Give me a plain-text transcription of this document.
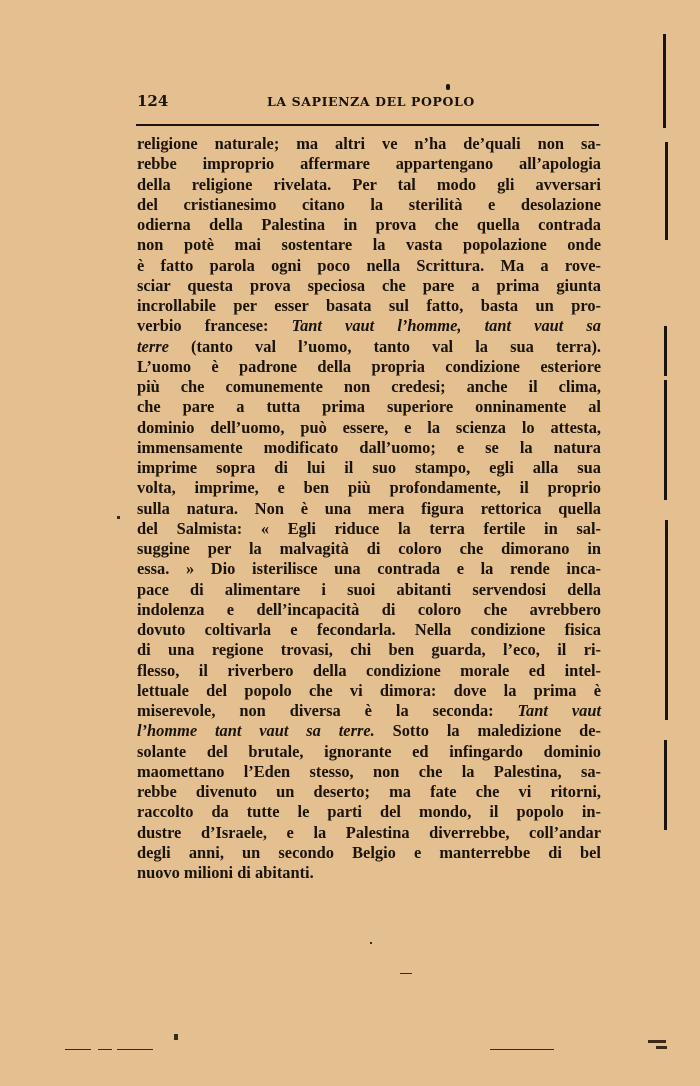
124	LA SAPIENZA DEL POPOLO
religione naturale; ma altri ve n’ha de’quali non sa-
rebbe improprio affermare appartengano all’apologia
della religione rivelata. Per tal modo gli avversari
del cristianesimo citano la sterilità e desolazione
odierna della Palestina in prova che quella contrada
non potè mai sostentare la vasta popolazione onde
è fatto parola ogni poco nella Scrittura. Ma a rove-
sciar questa prova speciosa che pare a prima giunta
incrollabile per esser basata sul fatto, basta un pro-
verbio francese: Tant vaut l’homme, tant vaut sa
terre (tanto val l’uomo, tanto val la sua terra).
L’uomo è padrone della propria condizione esteriore
più che comunemente non credesi; anche il clima,
che pare a tutta prima superiore onninamente al
dominio dell’uomo, può essere, e la scienza lo attesta,
immensamente modificato dall’uomo; e se la natura
imprime sopra di lui il suo stampo, egli alla sua
volta, imprime, e ben più profondamente, il proprio
sulla natura. Non è una mera figura rettorica quella
del Salmista: « Egli riduce la terra fertile in sal-
suggine per la malvagità di coloro che dimorano in
essa. » Dio isterilisce una contrada e la rende inca-
pace di alimentare i suoi abitanti servendosi della
indolenza e dell’incapacità di coloro che avrebbero
dovuto coltivarla e fecondarla. Nella condizione fisica
di una regione trovasi, chi ben guarda, l’eco, il ri-
flesso, il riverbero della condizione morale ed intel-
lettuale del popolo che vi dimora: dove la prima è
miserevole, non diversa è la seconda: Tant vaut
l’homme tant vaut sa terre. Sotto la maledizione de-
solante del brutale, ignorante ed infingardo dominio
maomettano l’Eden stesso, non che la Palestina, sa-
rebbe divenuto un deserto; ma fate che vi ritorni,
raccolto da tutte le parti del mondo, il popolo in-
dustre d’Israele, e la Palestina diverrebbe, coll’andar
degli anni, un secondo Belgio e manterrebbe di bel
nuovo milioni di abitanti.
